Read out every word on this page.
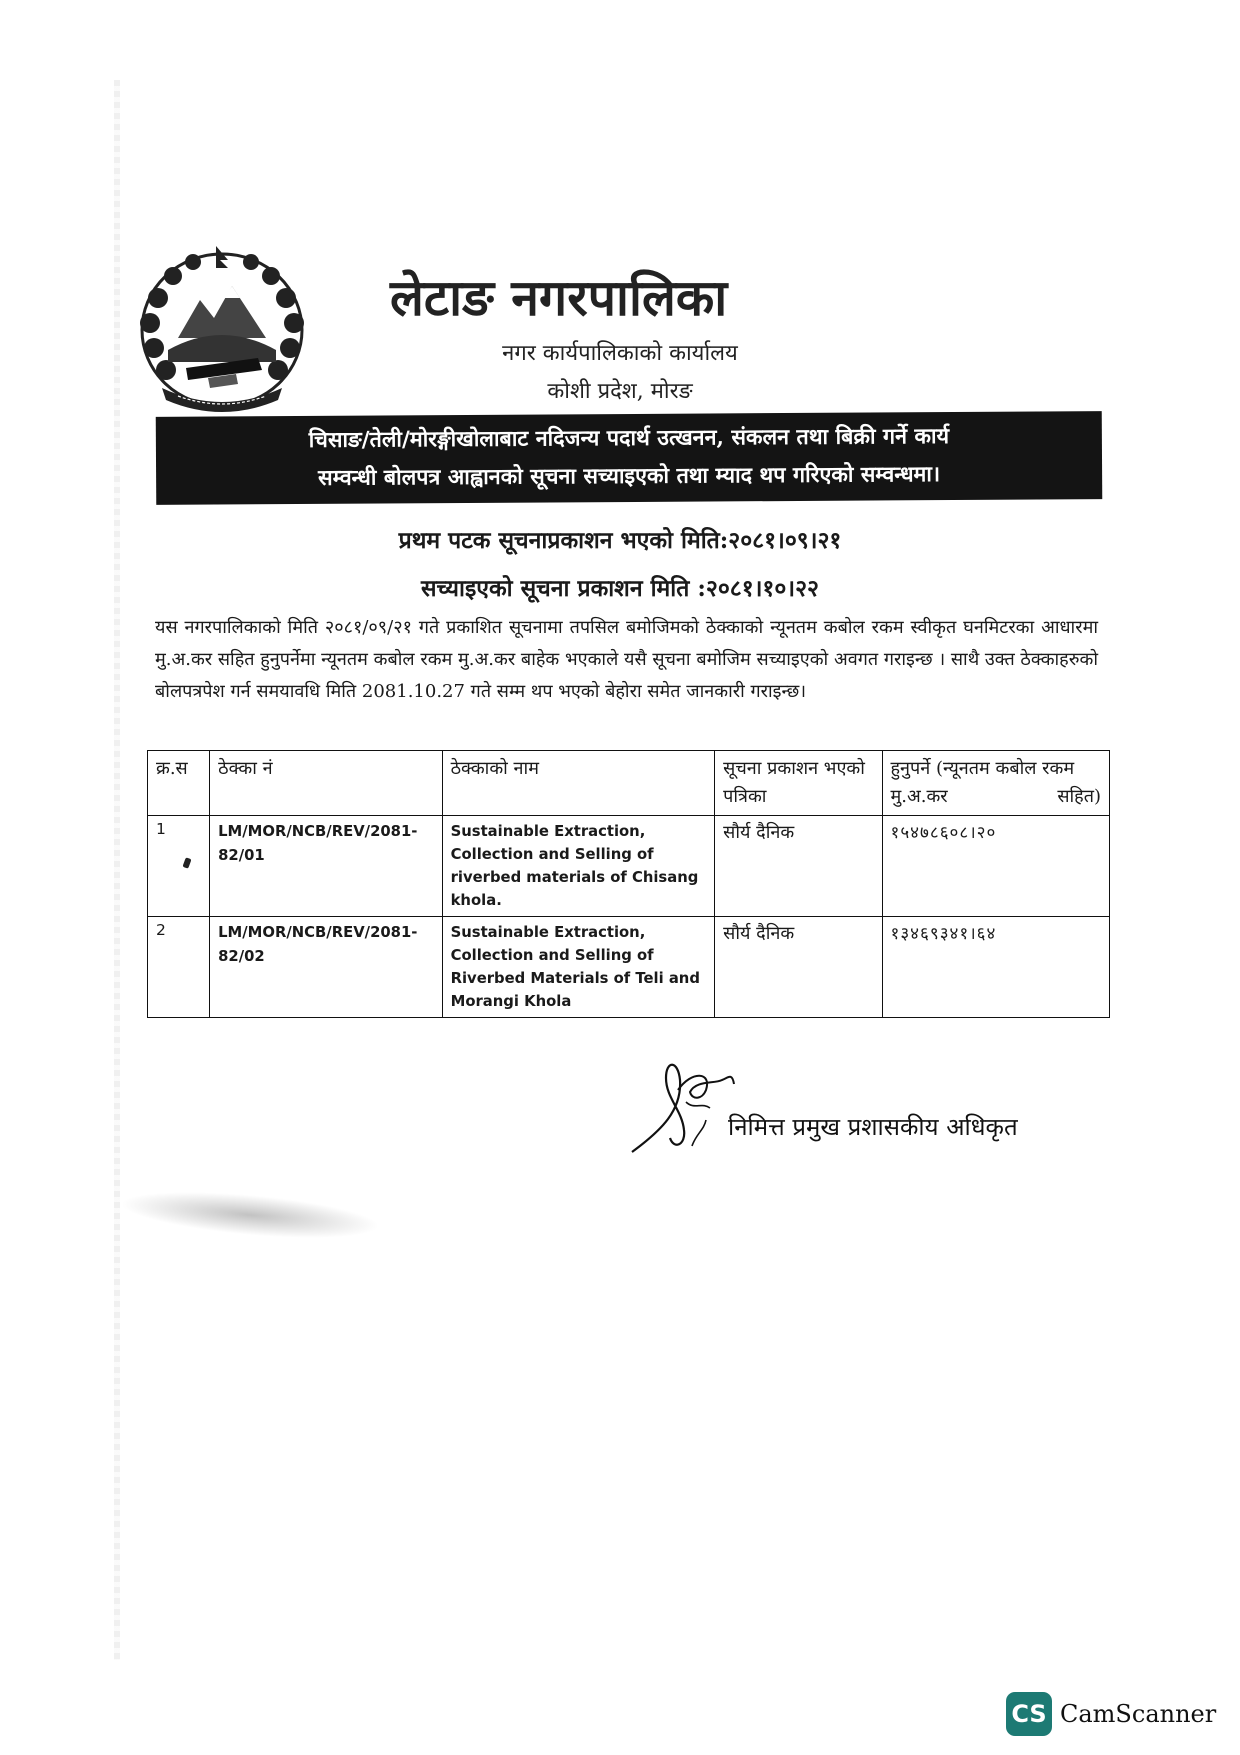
लेटाङ नगरपालिका
नगर कार्यपालिकाको कार्यालय
कोशी प्रदेश, मोरङ
चिसाङ/तेली/मोरङ्गीखोलाबाट नदिजन्य पदार्थ उत्खनन, संकलन तथा बिक्री गर्ने कार्य
सम्वन्धी बोलपत्र आह्वानको सूचना सच्याइएको तथा म्याद थप गरिएको सम्वन्धमा।
प्रथम पटक सूचनाप्रकाशन भएको मिति:२०८१।०९।२१
सच्याइएको सूचना प्रकाशन मिति :२०८१।१०।२२
यस नगरपालिकाको मिति २०८१/०९/२१ गते प्रकाशित सूचनामा तपसिल बमोजिमको ठेक्काको न्यूनतम कबोल रकम स्वीकृत घनमिटरका आधारमा मु.अ.कर सहित हुनुपर्नेमा न्यूनतम कबोल रकम मु.अ.कर बाहेक भएकाले यसै सूचना बमोजिम सच्याइएको अवगत गराइन्छ । साथै उक्त ठेक्काहरुको बोलपत्रपेश गर्न समयावधि मिति 2081.10.27 गते सम्म थप भएको बेहोरा समेत जानकारी गराइन्छ।
क्र.स	ठेक्का नं	ठेक्काको नाम	सूचना प्रकाशन भएको पत्रिका	हुनुपर्ने (न्यूनतम कबोल रकम मु.अ.कर सहित)
1	LM/MOR/NCB/REV/2081-82/01	Sustainable Extraction, Collection and Selling of riverbed materials of Chisang khola.	सौर्य दैनिक	१५४७८६०८।२०
2	LM/MOR/NCB/REV/2081-82/02	Sustainable Extraction, Collection and Selling of Riverbed Materials of Teli and Morangi Khola	सौर्य दैनिक	१३४६९३४१।६४
निमित्त प्रमुख प्रशासकीय अधिकृत
CS CamScanner
